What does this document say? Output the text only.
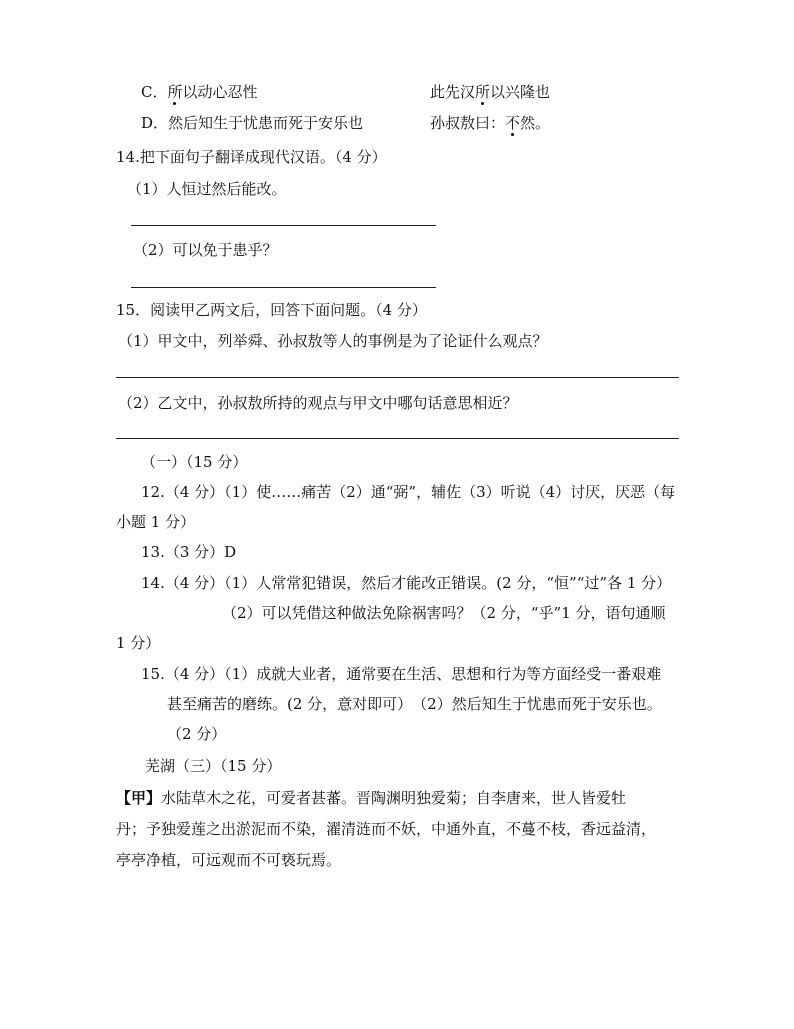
C．所以动心忍性	此先汉所以兴隆也
D．然后知生于忧患而死于安乐也	孙叔敖曰：不然。
14.把下面句子翻译成现代汉语。（4 分）
（1）人恒过然后能改。
（2）可以免于患乎？
15．阅读甲乙两文后，回答下面问题。（4 分）
（1）甲文中，列举舜、孙叔敖等人的事例是为了论证什么观点？
（2）乙文中，孙叔敖所持的观点与甲文中哪句话意思相近？
（一）（15 分）
12.（4 分）（1）使……痛苦（2）通“弼”，辅佐（3）听说（4）讨厌，厌恶（每
小题 1 分）
13.（3 分）D
14.（4 分）（1）人常常犯错误，然后才能改正错误。(2 分，“恒”“过”各 1 分）
（2）可以凭借这种做法免除祸害吗？（2 分，“乎”1 分，语句通顺
1 分）
15.（4 分）（1）成就大业者，通常要在生活、思想和行为等方面经受一番艰难
甚至痛苦的磨练。(2 分，意对即可）　（2）然后知生于忧患而死于安乐也。
（2 分）
芜湖（三）（15 分）
【甲】水陆草木之花，可爱者甚蕃。晋陶渊明独爱菊；自李唐来，世人皆爱牡
丹；予独爱莲之出淤泥而不染，濯清涟而不妖，中通外直，不蔓不枝，香远益清，
亭亭净植，可远观而不可亵玩焉。
